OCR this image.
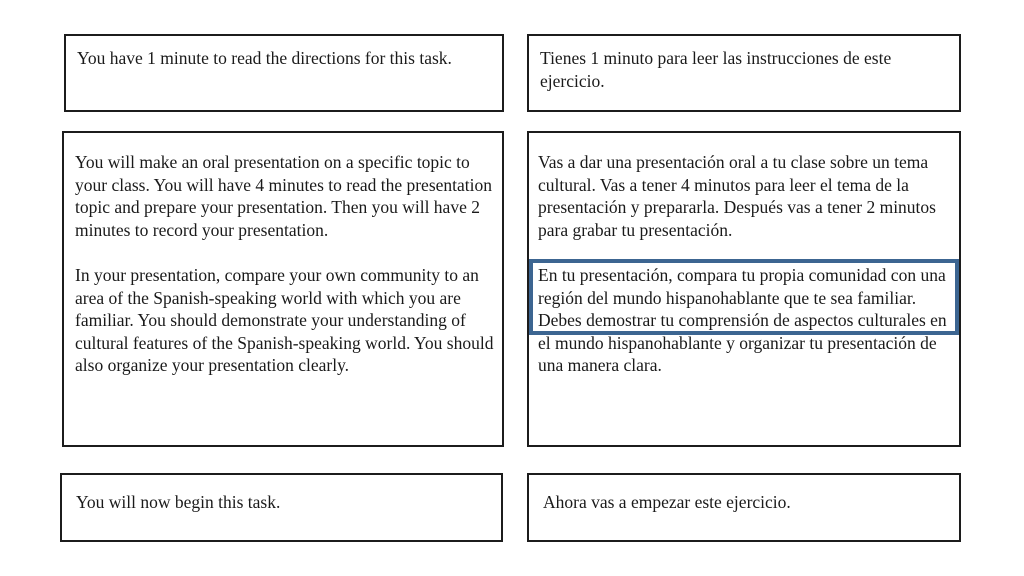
You have 1 minute to read the directions for this task.	Tienes 1 minuto para leer las instrucciones de este ejercicio.

You will make an oral presentation on a specific topic to your class. You will have 4 minutes to read the presentation topic and prepare your presentation. Then you will have 2 minutes to record your presentation.

In your presentation, compare your own community to an area of the Spanish-speaking world with which you are familiar. You should demonstrate your understanding of cultural features of the Spanish-speaking world. You should also organize your presentation clearly.

Vas a dar una presentación oral a tu clase sobre un tema cultural. Vas a tener 4 minutos para leer el tema de la presentación y prepararla. Después vas a tener 2 minutos para grabar tu presentación.

En tu presentación, compara tu propia comunidad con una región del mundo hispanohablante que te sea familiar. Debes demostrar tu comprensión de aspectos culturales en el mundo hispanohablante y organizar tu presentación de una manera clara.

You will now begin this task.	Ahora vas a empezar este ejercicio.
